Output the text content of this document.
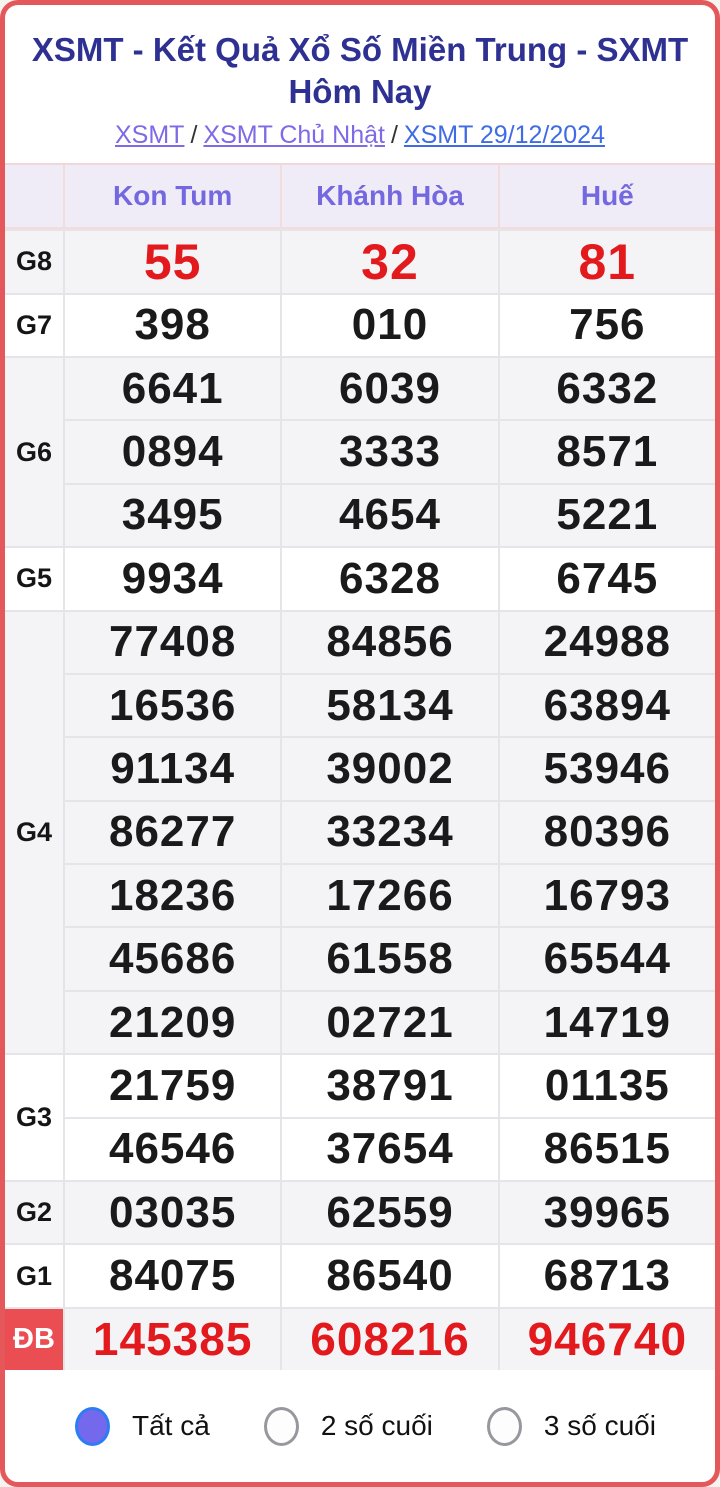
XSMT - Kết Quả Xổ Số Miền Trung - SXMT Hôm Nay
XSMT / XSMT Chủ Nhật / XSMT 29/12/2024
Kon Tum	Khánh Hòa	Huế
G8	55	32	81
G7	398	010	756
G6
6641	6039	6332
0894	3333	8571
3495	4654	5221
G5	9934	6328	6745
G4
77408	84856	24988
16536	58134	63894
91134	39002	53946
86277	33234	80396
18236	17266	16793
45686	61558	65544
21209	02721	14719
G3
21759	38791	01135
46546	37654	86515
G2	03035	62559	39965
G1	84075	86540	68713
ĐB 145385	608216	946740
Tất cả	2 số cuối	3 số cuối
